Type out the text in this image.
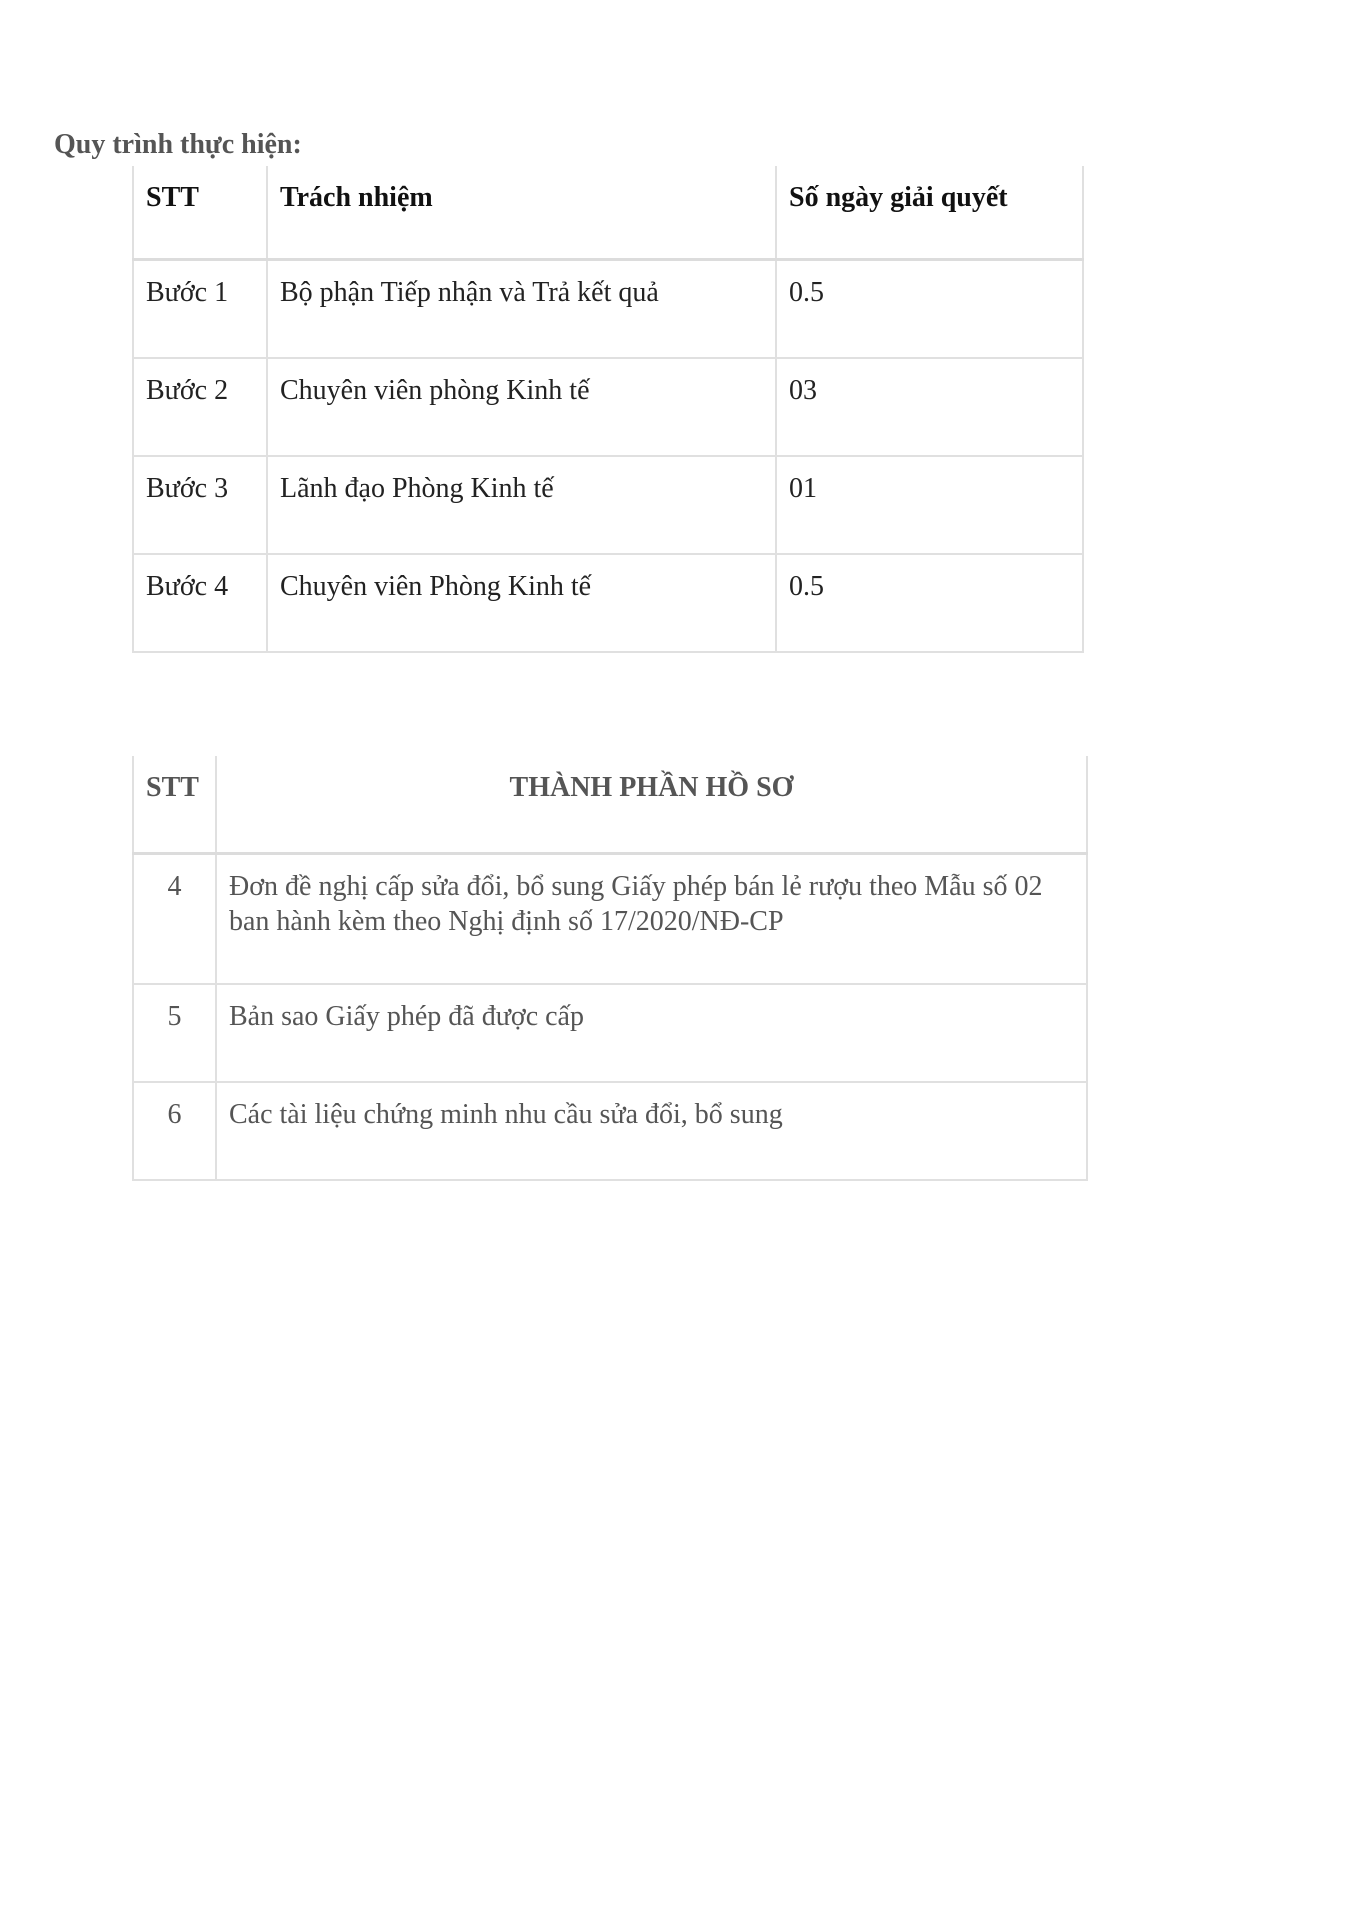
Quy trình thực hiện:
STT	Trách nhiệm	Số ngày giải quyết
Bước 1	Bộ phận Tiếp nhận và Trả kết quả	0.5
Bước 2	Chuyên viên phòng Kinh tế	03
Bước 3	Lãnh đạo Phòng Kinh tế	01
Bước 4	Chuyên viên Phòng Kinh tế	0.5
STT	THÀNH PHẦN HỒ SƠ
4	Đơn đề nghị cấp sửa đổi, bổ sung Giấy phép bán lẻ rượu theo Mẫu số 02 ban hành kèm theo Nghị định số 17/2020/NĐ-CP
5	Bản sao Giấy phép đã được cấp
6	Các tài liệu chứng minh nhu cầu sửa đổi, bổ sung
